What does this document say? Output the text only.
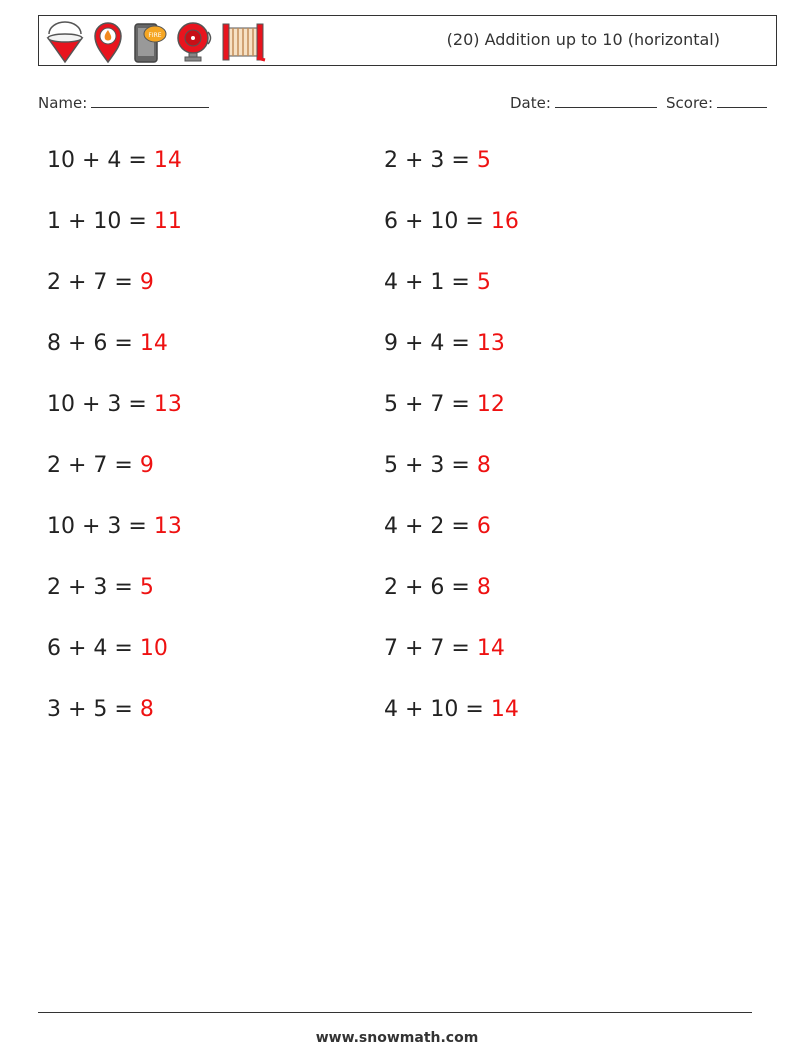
FIRE	(20) Addition up to 10 (horizontal)
Name:	Date:	Score:
10 + 4 = 14	2 + 3 = 5
1 + 10 = 11	6 + 10 = 16
2 + 7 = 9	4 + 1 = 5
8 + 6 = 14	9 + 4 = 13
10 + 3 = 13	5 + 7 = 12
2 + 7 = 9	5 + 3 = 8
10 + 3 = 13	4 + 2 = 6
2 + 3 = 5	2 + 6 = 8
6 + 4 = 10	7 + 7 = 14
3 + 5 = 8	4 + 10 = 14
www.snowmath.com
